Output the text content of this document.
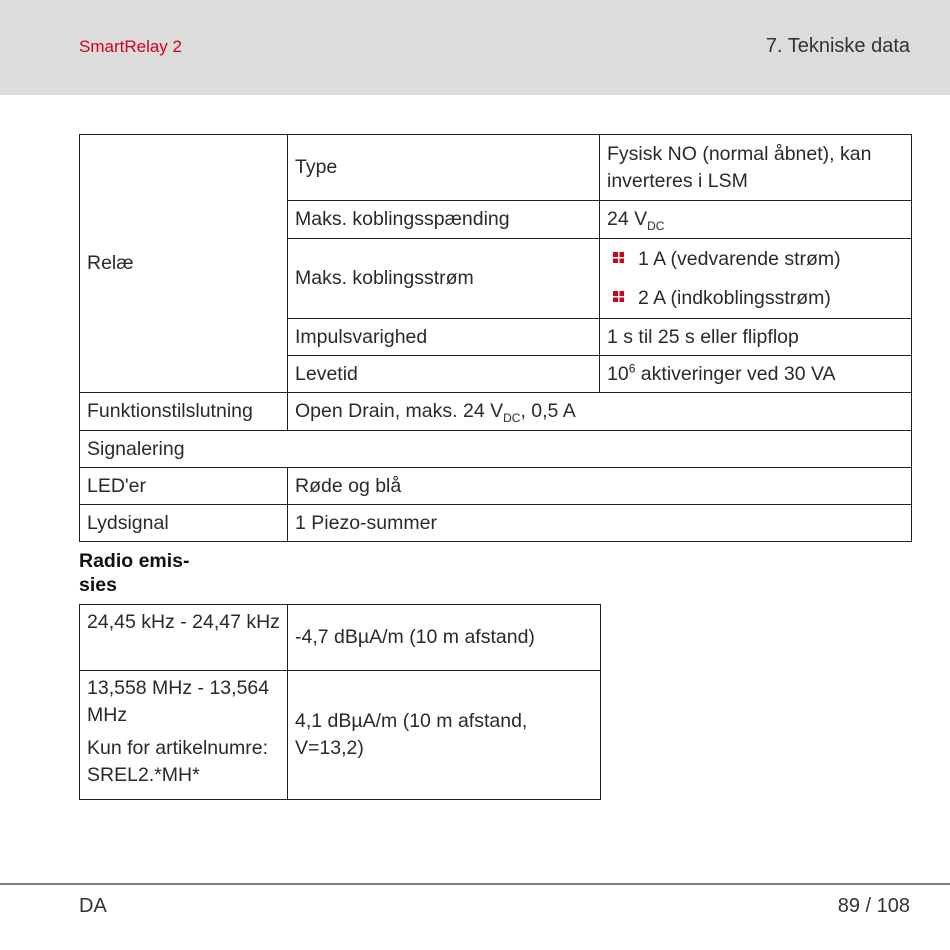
SmartRelay 2	7. Tekniske data
Relæ	Type	Fysisk NO (normal åbnet), kan inverteres i LSM
	Maks. koblingsspænding	24 $V_{DC}$
	Maks. koblingsstrøm	1 A (vedvarende strøm)
2 A (indkoblingsstrøm)

	Impulsvarighed	1 s til 25 s eller flipflop
	Levetid	$10^6$ aktiveringer ved 30 VA

Funktionstilslutning	Open Drain, maks. 24 $V_{DC}$, 0,5 A	
Signalering		
LED'er	Røde og blå	
Lydsignal	1 Piezo-summer	
Radio emis-
sies
24,45 kHz - 24,47 kHz	-4,7 dBµA/m (10 m afstand)

13,558 MHz - 13,564 MHz
Kun for artikelnumre: SREL2.*MH*	4,1 dBµA/m (10 m afstand, V=13,2)
DA	89 / 108
